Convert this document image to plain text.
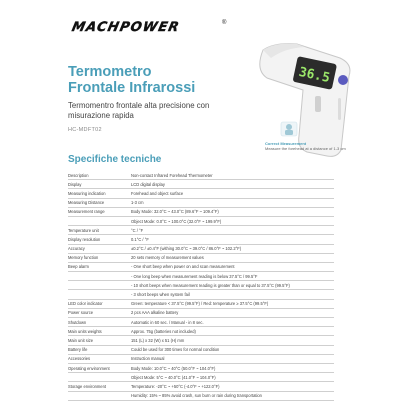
MACHPOWER	®
Termometro
Frontale Infrarossi
Termomentro frontale alta precisione con misurazione rapida
HC-MDFT02
36.5
Correct Measurement
Measure the forehead at a distance of 1-3 cm
Specifiche tecniche
Description	Non-contact Infrared Forehead Thermometer
Display	LCD digital display
Measuring indication	Forehead and object surface
Measuring Distance	1-3 cm
Measurement range	Body Mode: 32.0°C ~ 43.0°C (89.6°F ~ 109.4°F)
Object Mode: 0.0°C ~ 100.0°C (32.0°F ~ 199.9°F)
Temperature unit	°C / °F
Display resolution	0.1°C / °F
Accuracy	±0.2°C / ±0.4°F (withing 30.0°C ~ 39.0°C / 86.0°F ~ 102.2°F)
Memory function	20 sets memory of measurement values
Beep alarm	- One short beep when power on and scan measurement
- One long beep when measurement reading is below 37.5°C / 99.5°F
- 10 short beeps when measurement reading is greater than or equal to 37.5°C (99.5°F)
- 3 short beeps when system fail
LED color indicator	Green: temperature < 37.5°C (99.5°F) / Red: temperature ≥ 37.5°C (99.5°F)
Power source	2 pcs AAA alkaline battery
Shutdown	Automatic in 60 sec. / Manual - in 8 sec.
Main units weights	Approx. 75g (batteries not included)
Main unit size	151 (L) x 32 (W) x 51 (H) mm
Battery life	Could be used for 300 times for normal condition
Accessories	Instruction manual
Operating environment	Body Mode: 10.0°C ~ 40°C (50.0°F ~ 104.0°F)
Object Mode: 5°C ~ 40.0°C (41.0°F ~ 104.0°F)
Storage environment	Temperature: -20°C ~ +50°C (-4.0°F ~ +122.0°F)
Humidity: 15% ~ 85% avoid crash, sun burn or rain during transportation
